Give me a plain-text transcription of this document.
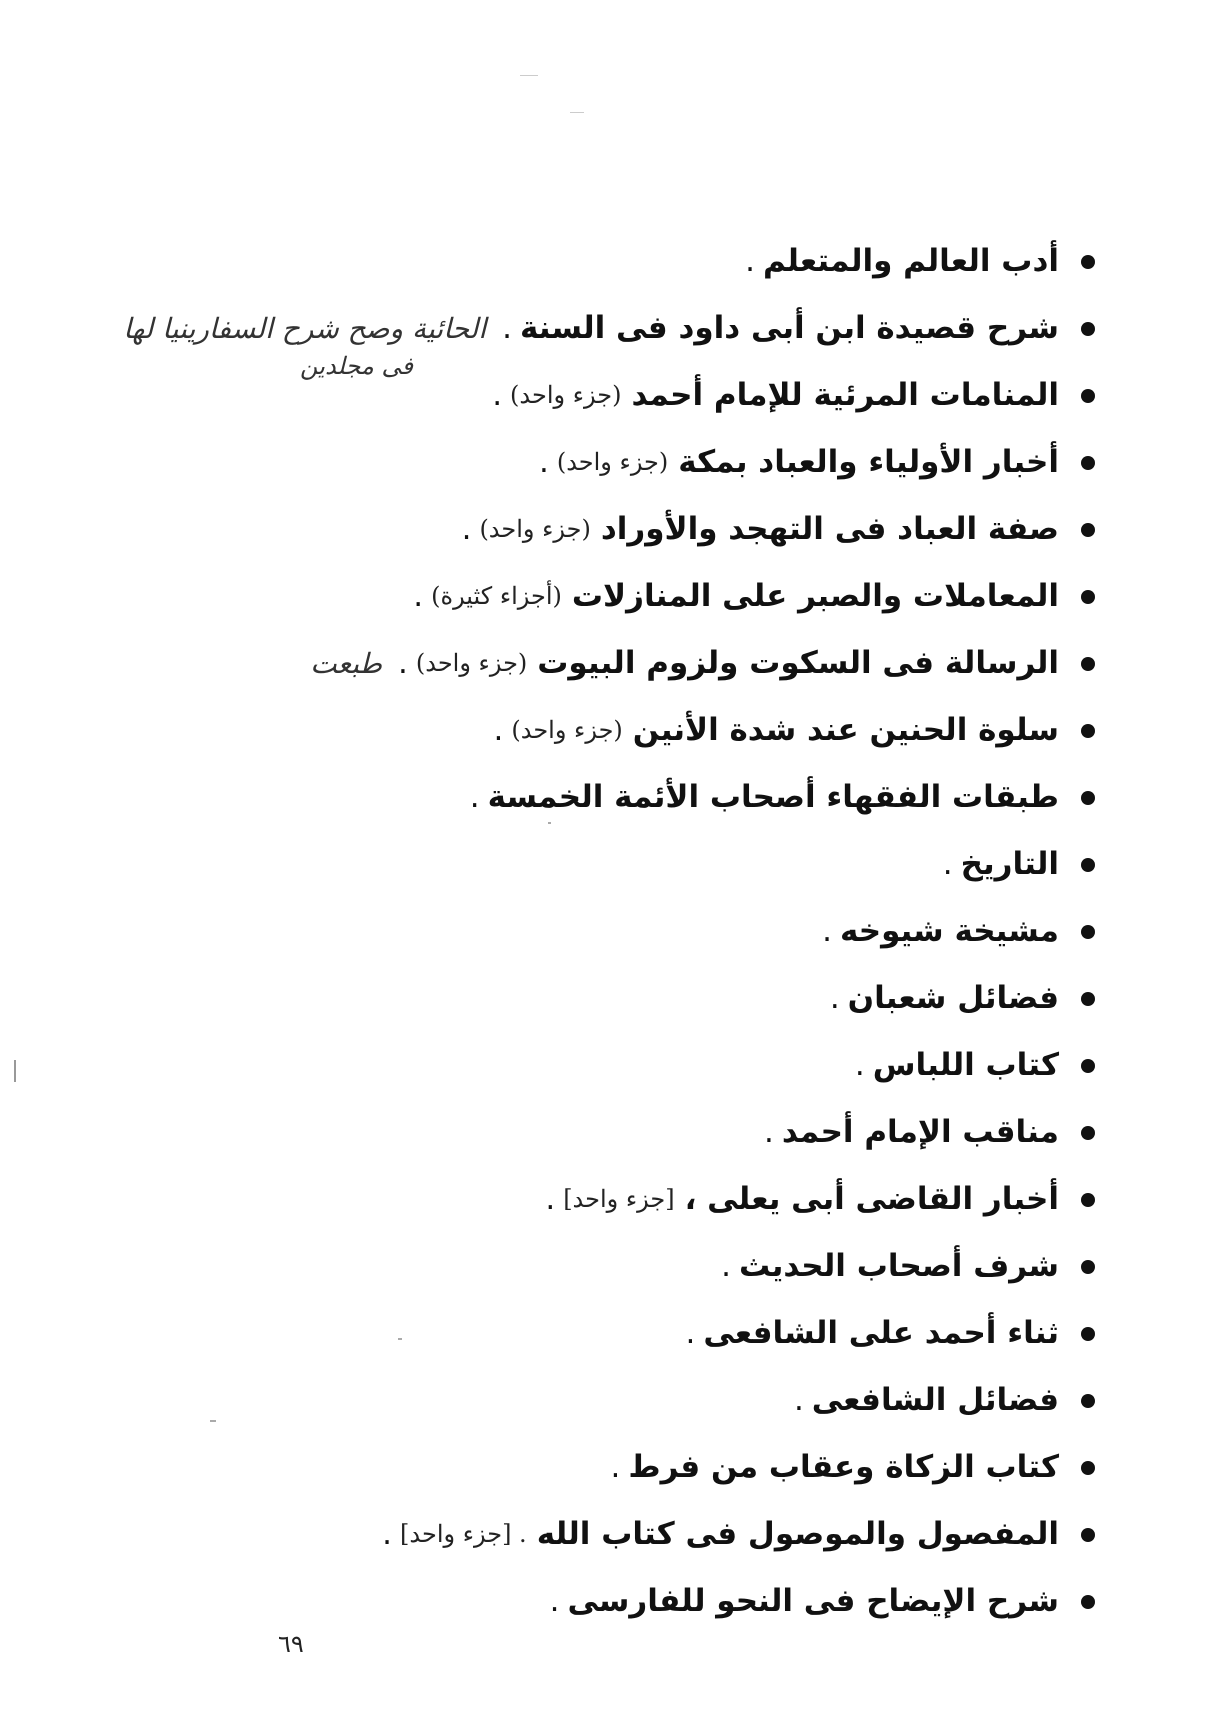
أدب العالم والمتعلم
.
شرح قصيدة ابن أبى داود فى السنة
.
الحائية وصح شرح السفارينيا لها
المنامات المرئية للإمام أحمد
(جزء واحد)
.
أخبار الأولياء والعباد بمكة
(جزء واحد)
.
صفة العباد فى التهجد والأوراد
(جزء واحد)
.
المعاملات والصبر على المنازلات
(أجزاء كثيرة)
.
الرسالة فى السكوت ولزوم البيوت
(جزء واحد)
.
طبعت
سلوة الحنين عند شدة الأنين
(جزء واحد)
.
طبقات الفقهاء أصحاب الأئمة الخمسة
.
التاريخ
.
مشيخة شيوخه
.
فضائل شعبان
.
كتاب اللباس
.
مناقب الإمام أحمد
.
أخبار القاضى أبى يعلى ،
[جزء واحد]
.
شرف أصحاب الحديث
.
ثناء أحمد على الشافعى
.
فضائل الشافعى
.
كتاب الزكاة وعقاب من فرط
.
المفصول والموصول فى كتاب الله
. [جزء واحد]
.
شرح الإيضاح فى النحو للفارسى
.
فى مجلدين
٦٩
